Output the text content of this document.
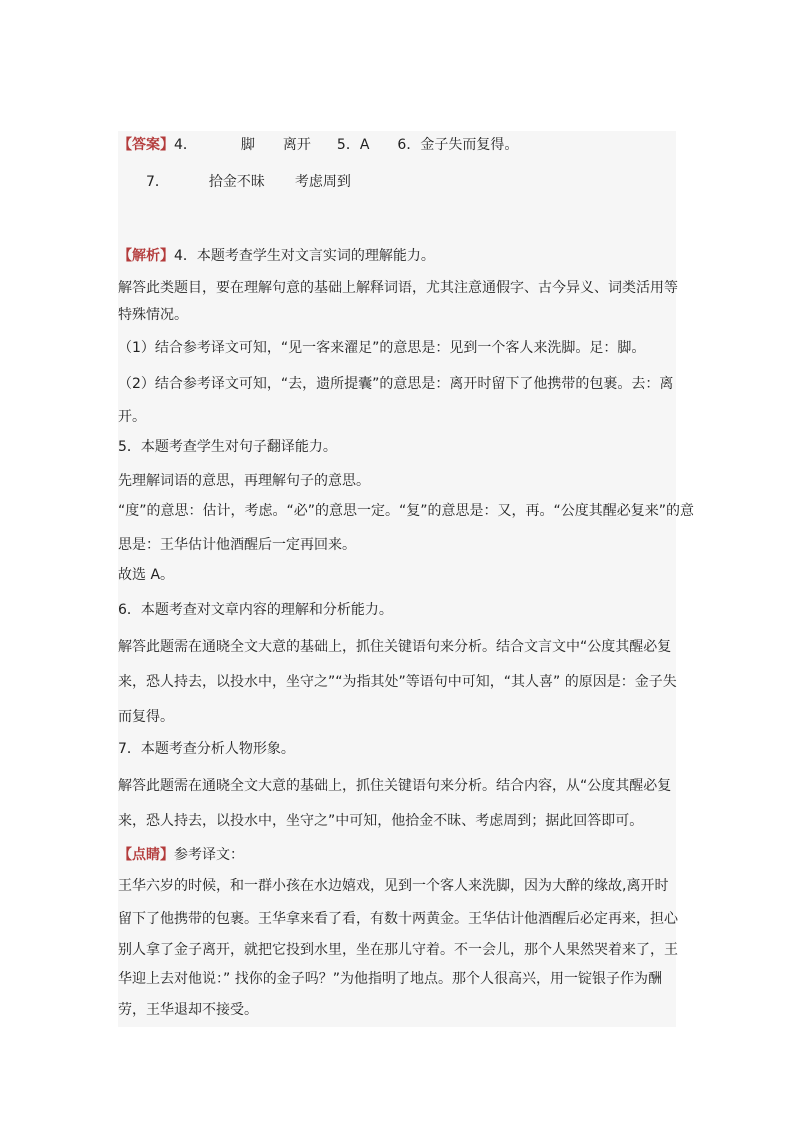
【答案】4．	脚 离开 5．A 6．金子失而复得。
7．	拾金不昧 考虑周到
【解析】4．本题考查学生对文言实词的理解能力。
解答此类题目，要在理解句意的基础上解释词语，尤其注意通假字、古今异义、词类活用等
特殊情况。
（1）结合参考译文可知，“见一客来濯足”的意思是：见到一个客人来洗脚。足：脚。
（2）结合参考译文可知，“去，遗所提囊”的意思是：离开时留下了他携带的包裹。去：离
开。
5．本题考查学生对句子翻译能力。
先理解词语的意思，再理解句子的意思。
“度”的意思：估计，考虑。“必”的意思一定。“复”的意思是：又，再。“公度其醒必复来”的意
思是：王华估计他酒醒后一定再回来。
故选 A。
6．本题考查对文章内容的理解和分析能力。
解答此题需在通晓全文大意的基础上，抓住关键语句来分析。结合文言文中“公度其醒必复
来，恐人持去，以投水中，坐守之”“为指其处”等语句中可知，“其人喜” 的原因是：金子失
而复得。
7．本题考查分析人物形象。
解答此题需在通晓全文大意的基础上，抓住关键语句来分析。结合内容，从“公度其醒必复
来，恐人持去，以投水中，坐守之”中可知，他拾金不昧、考虑周到；据此回答即可。
【点睛】参考译文：
王华六岁的时候，和一群小孩在水边嬉戏，见到一个客人来洗脚，因为大醉的缘故,离开时
留下了他携带的包裹。王华拿来看了看，有数十两黄金。王华估计他酒醒后必定再来，担心
别人拿了金子离开，就把它投到水里，坐在那儿守着。不一会儿，那个人果然哭着来了，王
华迎上去对他说：” 找你的金子吗？”为他指明了地点。那个人很高兴，用一锭银子作为酬
劳，王华退却不接受。
